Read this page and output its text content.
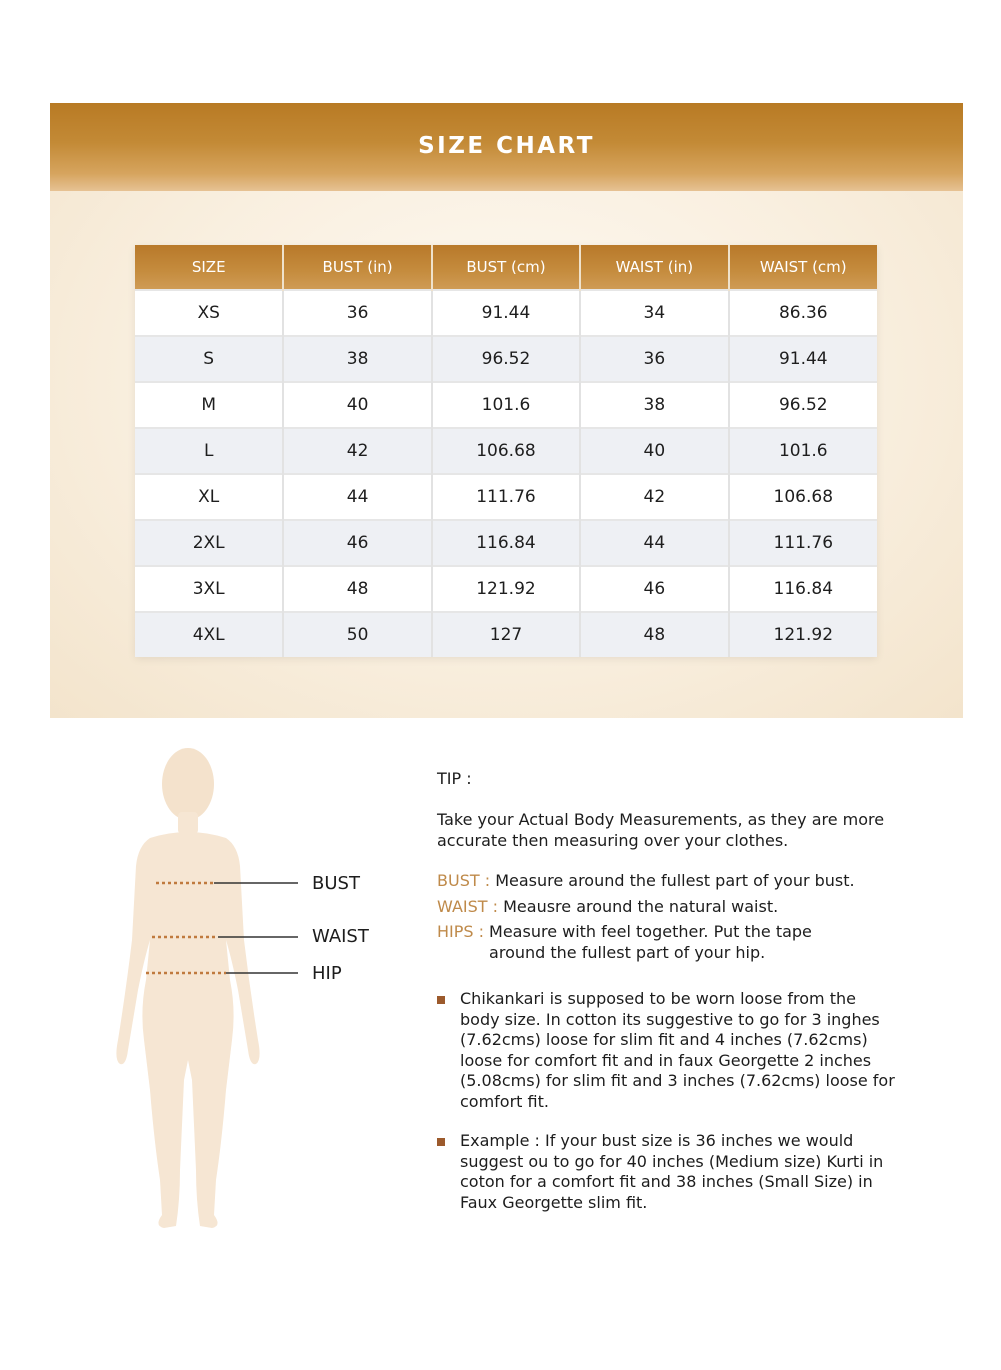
SIZE CHART
SIZE	BUST (in)	BUST (cm)	WAIST (in)	WAIST (cm)
XS	36	91.44	34	86.36
S	38	96.52	36	91.44
M	40	101.6	38	96.52
L	42	106.68	40	101.6
XL	44	111.76	42	106.68
2XL	46	116.84	44	111.76
3XL	48	121.92	46	116.84
4XL	50	127	48	121.92
BUST
WAIST
HIP
TIP :
Take your Actual Body Measurements, as they are more accurate then measuring over your clothes.
BUST : Measure around the fullest part of your bust.
WAIST : Meausre around the natural waist.
HIPS : Measure with feel together. Put the tape around the fullest part of your hip.
Chikankari is supposed to be worn loose from the body size. In cotton its suggestive to go for 3 inghes (7.62cms) loose for slim fit and 4 inches (7.62cms) loose for comfort fit and in faux Georgette 2 inches (5.08cms) for slim fit and 3 inches (7.62cms) loose for comfort fit.
Example : If your bust size is 36 inches we would suggest ou to go for 40 inches (Medium size) Kurti in coton for a comfort fit and 38 inches (Small Size) in Faux Georgette slim fit.
